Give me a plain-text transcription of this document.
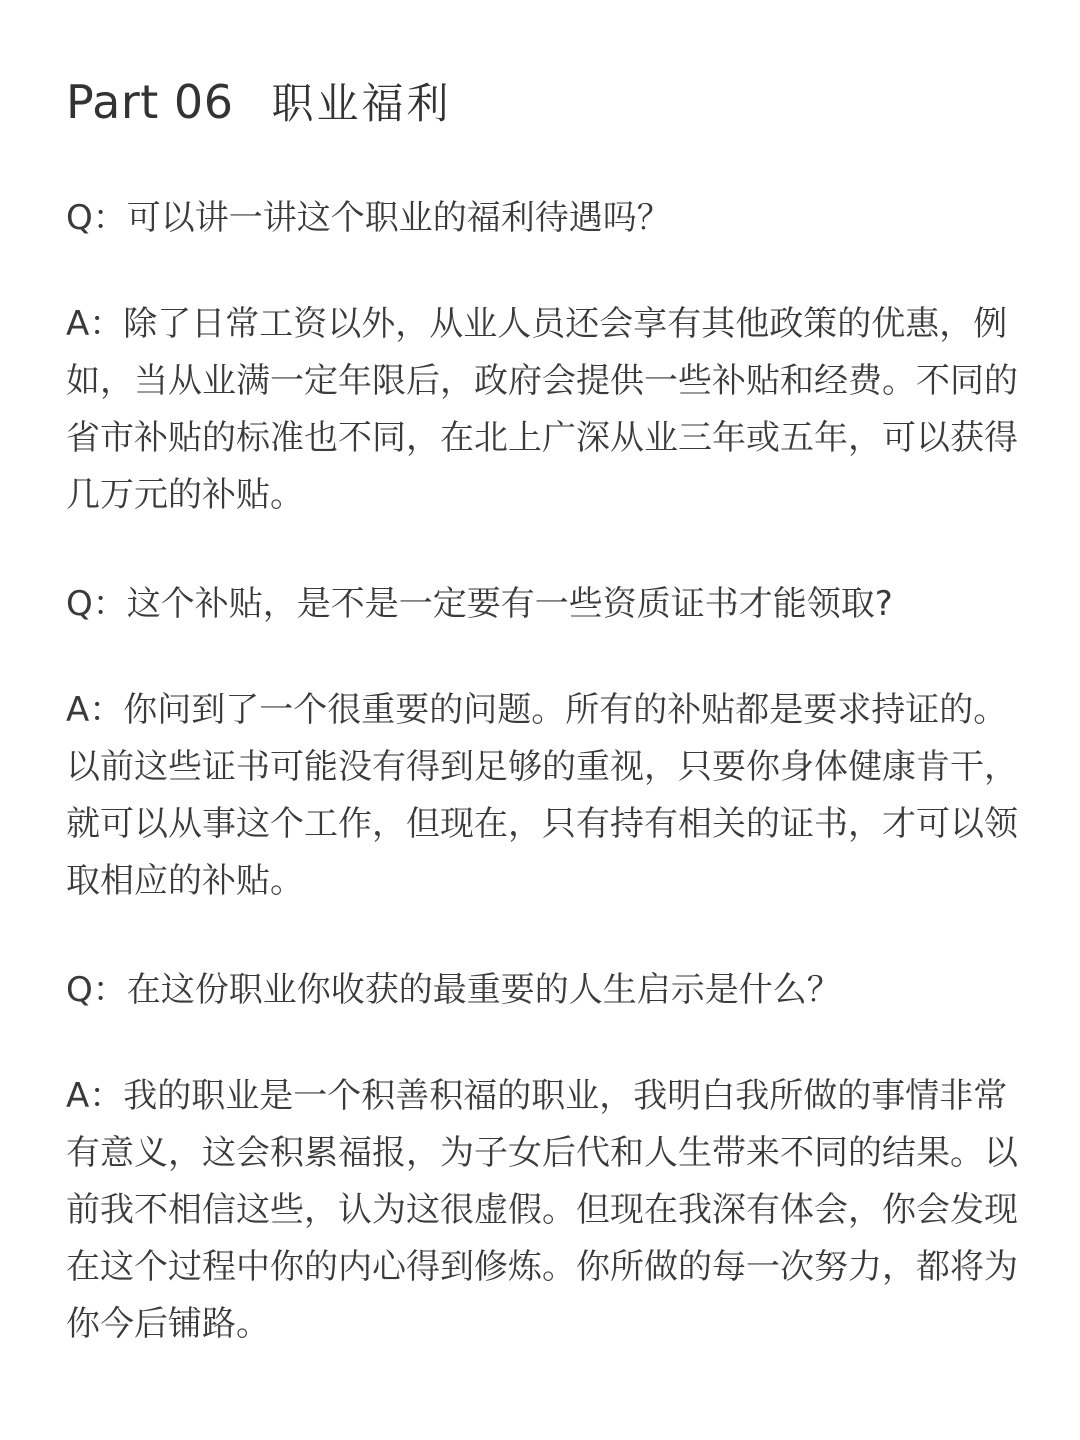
Part 06 职业福利

Q：可以讲一讲这个职业的福利待遇吗？

A：除了日常工资以外，从业人员还会享有其他政策的优惠，例如，当从业满一定年限后，政府会提供一些补贴和经费。不同的省市补贴的标准也不同，在北上广深从业三年或五年，可以获得几万元的补贴。

Q：这个补贴，是不是一定要有一些资质证书才能领取?

A：你问到了一个很重要的问题。所有的补贴都是要求持证的。以前这些证书可能没有得到足够的重视，只要你身体健康肯干，就可以从事这个工作，但现在，只有持有相关的证书，才可以领取相应的补贴。

Q：在这份职业你收获的最重要的人生启示是什么？

A：我的职业是一个积善积福的职业，我明白我所做的事情非常有意义，这会积累福报，为子女后代和人生带来不同的结果。以前我不相信这些，认为这很虚假。但现在我深有体会，你会发现在这个过程中你的内心得到修炼。你所做的每一次努力，都将为你今后铺路。
